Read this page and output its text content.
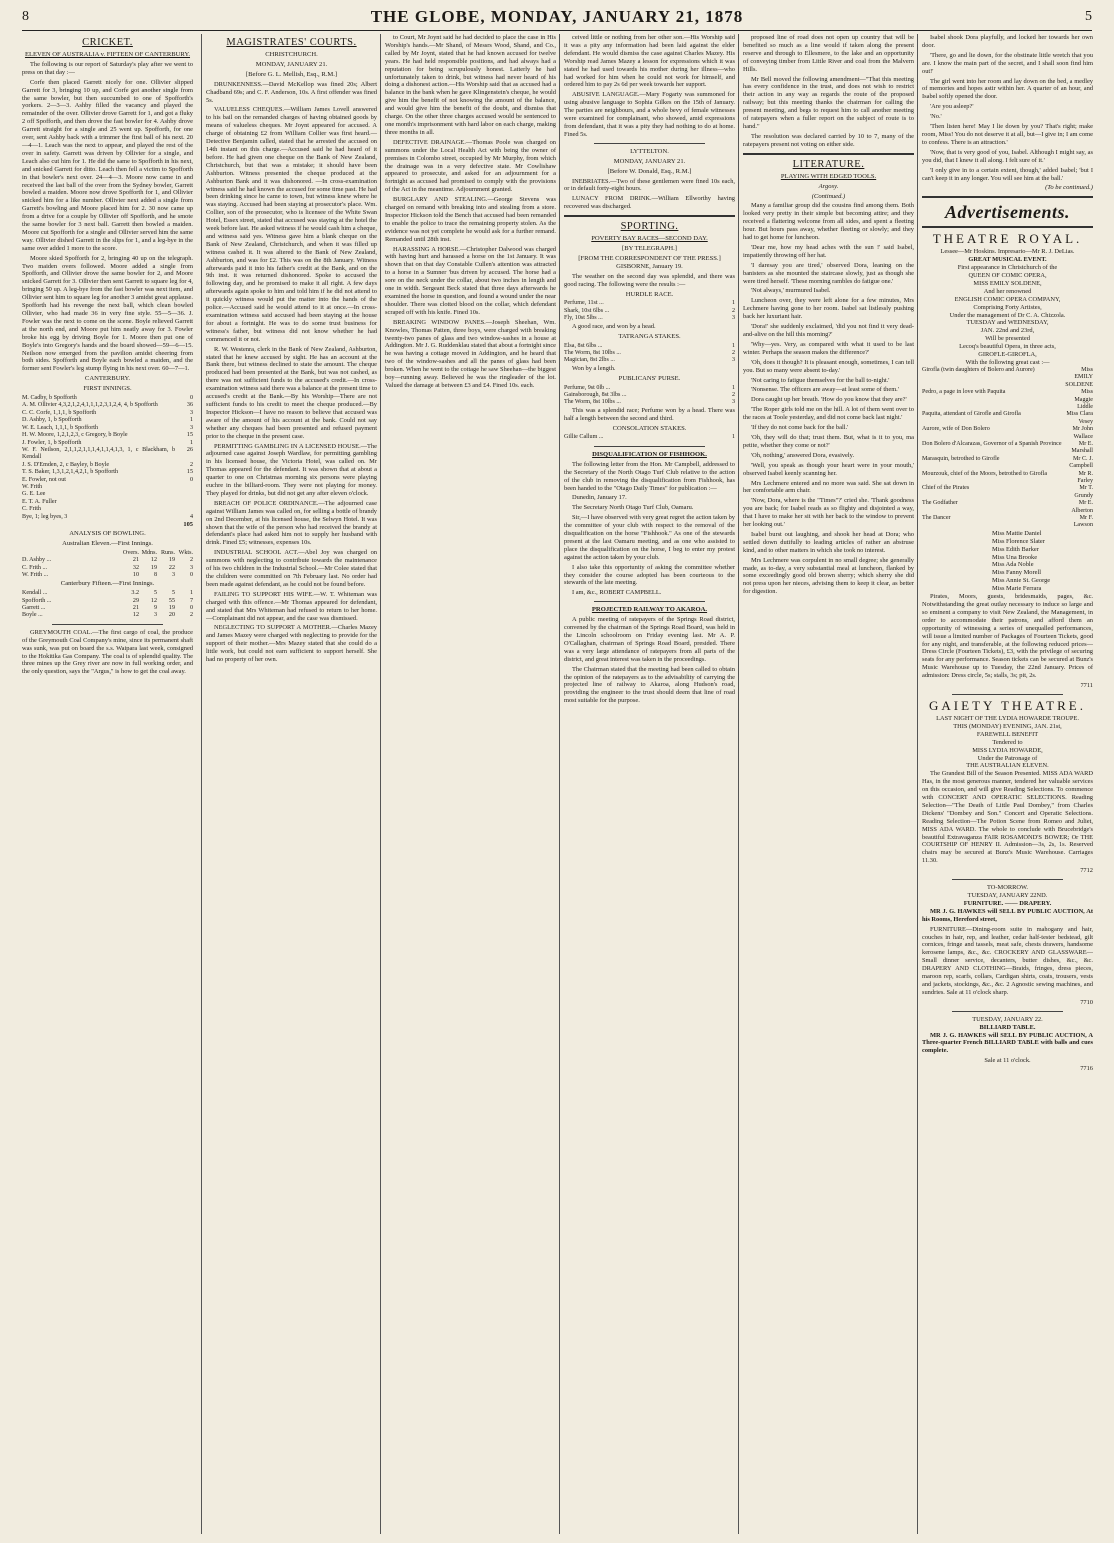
8	THE GLOBE, MONDAY, JANUARY 21, 1878	5
CRICKET.
ELEVEN OF AUSTRALIA v. FIFTEEN OF CANTERBURY.

The following is our report of Saturday's play after we went to press on that day :—

Corfe then placed Garrett nicely for one. Ollivier slipped Garrett for 3, bringing 10 up, and Corfe got another single from the same bowler, but then succumbed to one of Spofforth's yorkers. 2—3—3. Ashby filled the vacancy and played the remainder of the over. Ollivier drove Garrett for 1, and got a fluky 2 off Spofforth, and then drove the fast bowler for 4. Ashby drove Garrett straight for a single and 25 went up. Spofforth, for one over, sent Ashby back with a trimmer the first ball of his next. 20—4—1. Leach was the next to appear, and played the rest of the over in safety. Garrett was driven by Ollivier for a single, and Leach also cut him for 1. He did the same to Spofforth in his next, and snicked Garrett for ditto. Leach then fell a victim to Spofforth in that bowler's next over. 24—4—3. Moore now came in and received the last ball of the over from the Sydney bowler, Garrett bowled a maiden. Moore now drove Spofforth for 1, and Ollivier snicked him for a like number. Ollivier next added a single from Garrett's bowling and Moore placed him for 2. 30 now came up from a drive for a couple by Ollivier off Spofforth, and he smote the same bowler for 3 next ball. Garrett then bowled a maiden. Moore cut Spofforth for a single and Ollivier served him the same way. Ollivier dished Garrett in the slips for 1, and a leg-bye in the same over added 1 more to the score.

Moore skied Spofforth for 2, bringing 40 up on the telegraph. Two maiden overs followed. Moore added a single from Spofforth, and Ollivier drove the same bowler for 2, and Moore snicked Garrett for 3. Ollivier then sent Garrett to square leg for 4, bringing 50 up. A leg-bye from the fast bowler was next item, and Ollivier sent him to square leg for another 3 amidst great applause. Spofforth had his revenge the next ball, which clean bowled Ollivier, who had made 36 in very fine style. 55—5—36. J. Fowler was the next to come on the scene. Boyle relieved Garrett at the north end, and Moore put him neatly away for 3. Fowler broke his egg by driving Boyle for 1. Moore then put one of Boyle's into Gregory's hands and the board showed—59—6—15. Neilson now emerged from the pavilion amidst cheering from both sides. Spofforth and Boyle each bowled a maiden, and the former sent Fowler's leg stump flying in his next over. 60—7—1.

CANTERBURY.
FIRST INNINGS.
M. Cadby, b Spofforth	0
A. M. Ollivier 4,3,2,1,2,4,1,1,1,2,3,1,2,4, 4, b Spofforth	36
C. C. Corfe, 1,1,1, b Spofforth	3
D. Ashby, 1, b Spofforth	1
W. E. Leach, 1,1,1, b Spofforth	3
H. W. Moore, 1,2,1,2,3, c Gregory, b Boyle	15
J. Fowler, 1, b Spofforth	1
W. F. Neilson, 2,1,1,2,1,1,1,4,1,1,4,1,3, 1, c Blackham, b Kendall	26
J. S. D'Emden, 2, c Bayley, b Boyle	2
T. S. Baker, 1,3,1,2,1,4,2,1, b Spofforth	15
E. Fowler, not out	0
W. Frith	
G. E. Lee	
E. T. A. Fuller	
C. Frith	
Bye, 1; leg byes, 3	4
105
ANALYSIS OF BOWLING.
Australian Eleven.—First Innings.
	Overs.	Mdns.	Runs.	Wkts.
D. Ashby ...	21	12	19	2
C. Frith ...	32	19	22	3
W. Frith ...	10	8	3	0
Canterbury Fifteen.—First Innings.
Kendall ...	3.2	5	5	1
Spofforth ...	29	12	55	7
Garrett ...	21	9	19	0
Boyle ...	12	3	20	2

GREYMOUTH COAL.—The first cargo of coal, the produce of the Greymouth Coal Company's mine, since its permanent shaft was sunk, was put on board the s.s. Waipara last week, consigned to the Hokitika Gas Company. The coal is of splendid quality. The three mines up the Grey river are now in full working order, and the only question, says the "Argus," is how to get the coal away.

MAGISTRATES' COURTS.
CHRISTCHURCH.
MONDAY, JANUARY 21.
[Before G. L. Mellish, Esq., R.M.]

DRUNKENNESS.—David McKellop was fined 20s; Albert Chadband 69s; and C. F. Anderson, 10s. A first offender was fined 5s.

VALUELESS CHEQUES.—William James Lovell answered to his bail on the remanded charges of having obtained goods by means of valueless cheques. Mr Joynt appeared for accused. A charge of obtaining £2 from William Collier was first heard.—Detective Benjamin called, stated that he arrested the accused on 14th instant on this charge.—Accused said he had heard of it before. He had given one cheque on the Bank of New Zealand, Christchurch, but that was a mistake; it should have been Ashburton. Witness presented the cheque produced at the Ashburton Bank and it was dishonored. —In cross-examination witness said he had known the accused for some time past. He had been drinking since he came to town, but witness knew where he was staying. Accused had been staying at prosecutor's place. Wm. Collier, son of the prosecutor, who is licensee of the White Swan Hotel, Essex street, stated that accused was staying at the hotel the week before last. He asked witness if he would cash him a cheque, and witness said yes. Witness gave him a blank cheque on the Bank of New Zealand, Christchurch, and when it was filled up witness cashed it. It was altered to the Bank of New Zealand, Ashburton, and was for £2. This was on the 8th January. Witness afterwards paid it into his father's credit at the Bank, and on the 9th inst. it was returned dishonored. Spoke to accused the following day, and he promised to make it all right. A few days afterwards again spoke to him and told him if he did not attend to it quickly witness would put the matter into the hands of the police.—Accused said he would attend to it at once.—In cross-examination witness said accused had been staying at the house for about a fortnight. He was to do some trust business for witness's father, but witness did not know whether he had commenced it or not.

R. W. Westenra, clerk in the Bank of New Zealand, Ashburton, stated that he knew accused by sight. He has an account at the Bank there, but witness declined to state the amount. The cheque produced had been presented at the Bank, but was not cashed, as there was not sufficient funds to the accused's credit.—In cross-examination witness said there was a balance at the present time to accused's credit at the Bank.—By his Worship—There are not sufficient funds to his credit to meet the cheque produced.—By Inspector Hickson—I have no reason to believe that accused was aware of the amount of his account at the bank. Could not say whether any cheques had been presented and refused payment prior to the cheque in the present case.

PERMITTING GAMBLING IN A LICENSED HOUSE.—The adjourned case against Joseph Wardlaw, for permitting gambling in his licensed house, the Victoria Hotel, was called on. Mr Thomas appeared for the defendant. It was shown that at about a quarter to one on Christmas morning six persons were playing euchre in the billiard-room. They were not playing for money. They played for drinks, but did not get any after eleven o'clock.

BREACH OF POLICE ORDINANCE.—The adjourned case against William James was called on, for selling a bottle of brandy on 2nd December, at his licensed house, the Selwyn Hotel. It was shown that the wife of the person who had received the brandy at defendant's place had asked him not to supply her husband with drink. Fined £5; witnesses, expenses 10s.

INDUSTRIAL SCHOOL ACT.—Abel Joy was charged on summons with neglecting to contribute towards the maintenance of his two children in the Industrial School.—Mr Colee stated that the children were committed on 7th February last. No order had been made against defendant, as he could not be found before.

FAILING TO SUPPORT HIS WIFE.—W. T. Whiteman was charged with this offence.—Mr Thomas appeared for defendant, and stated that Mrs Whiteman had refused to return to her home.—Complainant did not appear, and the case was dismissed.

NEGLECTING TO SUPPORT A MOTHER.—Charles Mazey and James Mazey were charged with neglecting to provide for the support of their mother.—Mrs Mazey stated that she could do a little work, but could not earn sufficient to support herself. She had no property of her own.

to Court, Mr Joynt said he had decided to place the case in His Worship's hands.—Mr Shand, of Messrs Wood, Shand, and Co., called by Mr Joynt, stated that he had known accused for twelve years. He had held responsible positions, and had always had a reputation for being scrupulously honest. Latterly he had unfortunately taken to drink, but witness had never heard of his doing a dishonest action.—His Worship said that as accused had a balance in the bank when he gave Klingenstein's cheque, he would give him the benefit of not knowing the amount of the balance, and would give him the benefit of the doubt, and dismiss that charge. On the other three charges accused would be sentenced to one month's imprisonment with hard labor on each charge, making three months in all.

DEFECTIVE DRAINAGE.—Thomas Poole was charged on summons under the Local Health Act with being the owner of premises in Colombo street, occupied by Mr Murphy, from which the drainage was in a very defective state. Mr Cowlishaw appeared to prosecute, and asked for an adjournment for a fortnight as accused had promised to comply with the provisions of the Act in the meantime. Adjournment granted.

BURGLARY AND STEALING.—George Stevens was charged on remand with breaking into and stealing from a store. Inspector Hickson told the Bench that accused had been remanded to enable the police to trace the remaining property stolen. As the evidence was not yet complete he would ask for a further remand. Remanded until 28th inst.

HARASSING A HORSE.—Christopher Dalwood was charged with having hurt and harassed a horse on the 1st January. It was shown that on that day Constable Cullen's attention was attracted to a horse in a Sumner 'bus driven by accused. The horse had a sore on the neck under the collar, about two inches in length and one in width. Sergeant Beck stated that three days afterwards he examined the horse in question, and found a wound under the near shoulder. There was clotted blood on the collar, which defendant scraped off with his knife. Fined 10s.

BREAKING WINDOW PANES.—Joseph Sheehan, Wm. Knowles, Thomas Patten, three boys, were charged with breaking twenty-two panes of glass and two window-sashes in a house at Addington. Mr J. G. Ruddenklau stated that about a fortnight since he was having a cottage moved in Addington, and he heard that two of the window-sashes and all the panes of glass had been broken. When he went to the cottage he saw Sheehan—the biggest boy—running away. Believed he was the ringleader of the lot. Valued the damage at between £3 and £4. Fined 10s. each.

ceived little or nothing from her other son.—His Worship said it was a pity any information had been laid against the elder defendant. He would dismiss the case against Charles Mazey. His Worship read James Mazey a lesson for expressions which it was stated he had used towards his mother during her illness—who had worked for him when he could not work for himself, and ordered him to pay 2s 6d per week towards her support.

ABUSIVE LANGUAGE.—Mary Fogarty was summoned for using abusive language to Sophia Gilkes on the 15th of January. The parties are neighbours, and a whole bevy of female witnesses were examined for complainant, who showed, amid expressions from defendant, that it was a pity they had nothing to do at home. Fined 5s.

LYTTELTON.
MONDAY, JANUARY 21.
[Before W. Donald, Esq., R.M.]

INEBRIATES.—Two of these gentlemen were fined 10s each, or in default forty-eight hours.

LUNACY FROM DRINK.—William Ellworthy having recovered was discharged.

SPORTING.
POVERTY BAY RACES—SECOND DAY.
[BY TELEGRAPH.]
[FROM THE CORRESPONDENT OF THE PRESS.] GISBORNE, January 19.

The weather on the second day was splendid, and there was good racing. The following were the results :—

HURDLE RACE.
Perfume, 11st ...	1
Shark, 10st 6lbs ...	2
Fly, 10st 5lbs ...	3

A good race, and won by a head.

TATRANGA STAKES.
Elsa, 8st 6lbs ...	1
The Worm, 8st 10lbs ...	2
Magician, 8st 2lbs ...	3

Won by a length.

PUBLICANS' PURSE.
Perfume, 9st 0lb ...	1
Gainsborough, 8st 3lbs ...	2
The Worm, 8st 10lbs ...	3

This was a splendid race; Perfume won by a head. There was half a length between the second and third.

CONSOLATION STAKES.
Gillie Callum ...	1
DISQUALIFICATION OF FISHHOOK.

The following letter from the Hon. Mr Campbell, addressed to the Secretary of the North Otago Turf Club relative to the action of the club in removing the disqualification from Fishhook, has been handed to the "Otago Daily Times" for publication :—

Dunedin, January 17.

The Secretary North Otago Turf Club, Oamaru.

Sir,—I have observed with very great regret the action taken by the committee of your club with respect to the removal of the disqualification on the horse "Fishhook." As one of the stewards present at the last Oamaru meeting, and as one who assisted to place the disqualification on the horse, I beg to enter my protest against the action taken by your club.

I also take this opportunity of asking the committee whether they consider the course adopted has been courteous to the stewards of the late meeting.

I am, &c., ROBERT CAMPBELL.

PROJECTED RAILWAY TO AKAROA.

A public meeting of ratepayers of the Springs Road district, convened by the chairman of the Springs Road Board, was held in the Lincoln schoolroom on Friday evening last. Mr A. P. O'Callaghan, chairman of Springs Road Board, presided. There was a very large attendance of ratepayers from all parts of the district, and great interest was taken in the proceedings.

The Chairman stated that the meeting had been called to obtain the opinion of the ratepayers as to the advisability of carrying the projected line of railway to Akaroa, along Hudson's road, providing the engineer to the trust should deem that line of road most suitable for the purpose.

proposed line of road does not open up country that will be benefited so much as a line would if taken along the present reserve and through to Ellesmere, to the lake and an opportunity of conveying timber from Little River and coal from the Malvern Hills.

Mr Bell moved the following amendment—"That this meeting has every confidence in the trust, and does not wish to restrict their action in any way as regards the route of the proposed railway; but this meeting thanks the chairman for calling the present meeting, and begs to request him to call another meeting of ratepayers when a fuller report on the subject of route is to hand."

The resolution was declared carried by 10 to 7, many of the ratepayers present not voting on either side.

LITERATURE.
PLAYING WITH EDGED TOOLS.
Argosy.
(Continued.)

Many a familiar group did the cousins find among them. Both looked very pretty in their simple but becoming attire; and they received a flattering welcome from all sides, and spent a fleeting hour. But hours pass away, whether fleeting or slowly; and they had to get home for luncheon.

'Dear me, how my head aches with the sun !' said Isabel, impatiently throwing off her hat.

'I daresay you are tired,' observed Dora, leaning on the banisters as she mounted the staircase slowly, just as though she were tired herself. 'These morning rambles do fatigue one.'

'Not always,' murmured Isabel.

Luncheon over, they were left alone for a few minutes, Mrs Lechmere having gone to her room. Isabel sat listlessly pushing back her luxuriant hair.

'Dora!' she suddenly exclaimed, 'did you not find it very dead-and-alive on the hill this morning?'

'Why—yes. Very, as compared with what it used to be last winter. Perhaps the season makes the difference?'

'Oh, does it though? It is pleasant enough, sometimes, I can tell you. But so many were absent to-day.'

'Not caring to fatigue themselves for the ball to-night.'

'Nonsense. The officers are away—at least some of them.'

Dora caught up her breath. 'How do you know that they are?'

'The Roper girls told me on the hill. A lot of them went over to the races at Toole yesterday, and did not come back last night.'

'If they do not come back for the ball.'

'Oh, they will do that; trust them. But, what is it to you, ma petite, whether they come or not?'

'Oh, nothing,' answered Dora, evasively.

'Well, you speak as though your heart were in your mouth,' observed Isabel keenly scanning her.

Mrs Lechmere entered and no more was said. She sat down in her comfortable arm chair.

'Now, Dora, where is the "Times"?' cried she. 'Thank goodness you are back; for Isabel reads as so flighty and disjointed a way, that I have to make her sit with her back to the window to prevent her looking out.'

Isabel burst out laughing, and shook her head at Dora; who settled down dutifully to leading articles of rather an abstruse kind, and to other matters in which she took no interest.

Mrs Lechmere was corpulent in no small degree; she generally made, as to-day, a very substantial meal at luncheon, flanked by some exceedingly good old brown sherry; which sherry she did not press upon her nieces, advising them to keep it clear, as better for digestion.

Isabel shook Dora playfully, and locked her towards her own door.

'There, go and lie down, for the obstinate little wretch that you are. I know the main part of the secret, and I shall soon find him out!'

The girl went into her room and lay down on the bed, a medley of memories and hopes astir within her. A quarter of an hour, and Isabel softly opened the door.

'Are you asleep?'

'No.'

'Then listen here! May I lie down by you? That's right; make room, Miss! You do not deserve it at all, but—I give in; I am come to confess. There is an attraction.'

'Now, that is very good of you, Isabel. Although I might say, as you did, that I knew it all along. I felt sure of it.'

'I only give in to a certain extent, though,' added Isabel; 'but I can't keep it in any longer. You will see him at the ball.'

(To be continued.)
Advertisements.
THEATRE ROYAL.
Lessee—Mr Hoskins. Impresario—Mr R. J. DeLias.
GREAT MUSICAL EVENT.
First appearance in Christchurch of the
QUEEN OF COMIC OPERA,
MISS EMILY SOLDENE,
And her renowned
ENGLISH COMIC OPERA COMPANY,
Comprising Forty Artistes,
Under the management of Dr C. A. Chizzola.
TUESDAY and WEDNESDAY,
JAN. 22nd and 23rd,
Will be presented
Lecoq's beautiful Opera, in three acts,
GIROFLE-GIROFLA,
With the following great cast :—
Girofla (twin daughters of Bolero and Aurore)	Miss EMILY SOLDENE
Pedro, a page in love with Paquita	Miss Maggie Liddle
Paquita, attendant of Girofle and Girofla	Miss Clara Vesey
Aurore, wife of Don Bolero	Mr John Wallace
Don Bolero d'Alcarazas, Governor of a Spanish Province	Mr E. Marshall
Marasquin, betrothed to Girofle	Mr C. J. Campbell
Mourzouk, chief of the Moors, betrothed to Girofla	Mr R. Farley
Chief of the Pirates	Mr T. Grundy
The Godfather	Mr E. Alberton
The Dancer	Mr F. Lawson
Miss Mattie Daniel
Miss Florence Slater
Miss Edith Barker
Miss Una Brooke
Miss Ada Noble
Miss Fanny Morell
Miss Annie St. George
Miss Marie Ferrara

Pirates, Moors, guests, bridesmaids, pages, &c. Notwithstanding the great outlay necessary to induce so large and so eminent a company to visit New Zealand, the Management, in order to accommodate their patrons, and afford them an opportunity of witnessing a series of unequalled performances, will issue a limited number of Packages of Fourteen Tickets, good for any night, and transferable, at the following reduced prices—Dress Circle (Fourteen Tickets), £3, with the privilege of securing seats for any performance. Season tickets can be secured at Bunz's Music Warehouse up to Tuesday, the 22nd January. Prices of admission: Dress circle, 5s; stalls, 3s; pit, 2s.

7711
GAIETY THEATRE.
LAST NIGHT OF THE LYDIA HOWARDE TROUPE.
THIS (MONDAY) EVENING, JAN. 21st,
FAREWELL BENEFIT
Tendered to
MISS LYDIA HOWARDE,
Under the Patronage of
THE AUSTRALIAN ELEVEN.

The Grandest Bill of the Season Presented. MISS ADA WARD Has, in the most generous manner, tendered her valuable services on this occasion, and will give Reading Selections. To commence with CONCERT AND OPERATIC SELECTIONS. Reading Selection—"The Death of Little Paul Dombey," from Charles Dickens' "Dombey and Son." Concert and Operatic Selections. Reading Selection—The Potion Scene from Romeo and Juliet, MISS ADA WARD. The whole to conclude with Brucebridge's beautiful Extravaganza FAIR ROSAMOND'S BOWER; Or THE COURTSHIP OF HENRY II. Admission—3s, 2s, 1s. Reserved chairs may be secured at Bunz's Music Warehouse. Carriages 11.30.

7712
TO-MORROW.
TUESDAY, JANUARY 22ND.
FURNITURE. —— DRAPERY.

MR J. G. HAWKES will SELL BY PUBLIC AUCTION, At his Rooms, Hereford street,

FURNITURE—Dining-room suite in mahogany and hair, couches in hair, rep, and leather, cedar half-tester bedstead, gilt cornices, fringe and tassels, meat safe, chests drawers, handsome kerosene lamps, &c., &c. CROCKERY AND GLASSWARE—Small dinner service, decanters, butter dishes, &c., &c. DRAPERY AND CLOTHING—Braids, fringes, dress pieces, maroon rep, scarfs, collars, Cardigan shirts, coats, trousers, vests and jackets, stockings, &c., &c. 2 Agnostic sewing machines, and sundries. Sale at 11 o'clock sharp.

7710
TUESDAY, JANUARY 22.
BILLIARD TABLE.

MR J. G. HAWKES will SELL BY PUBLIC AUCTION, A Three-quarter French BILLIARD TABLE with balls and cues complete.

Sale at 11 o'clock.
7716
